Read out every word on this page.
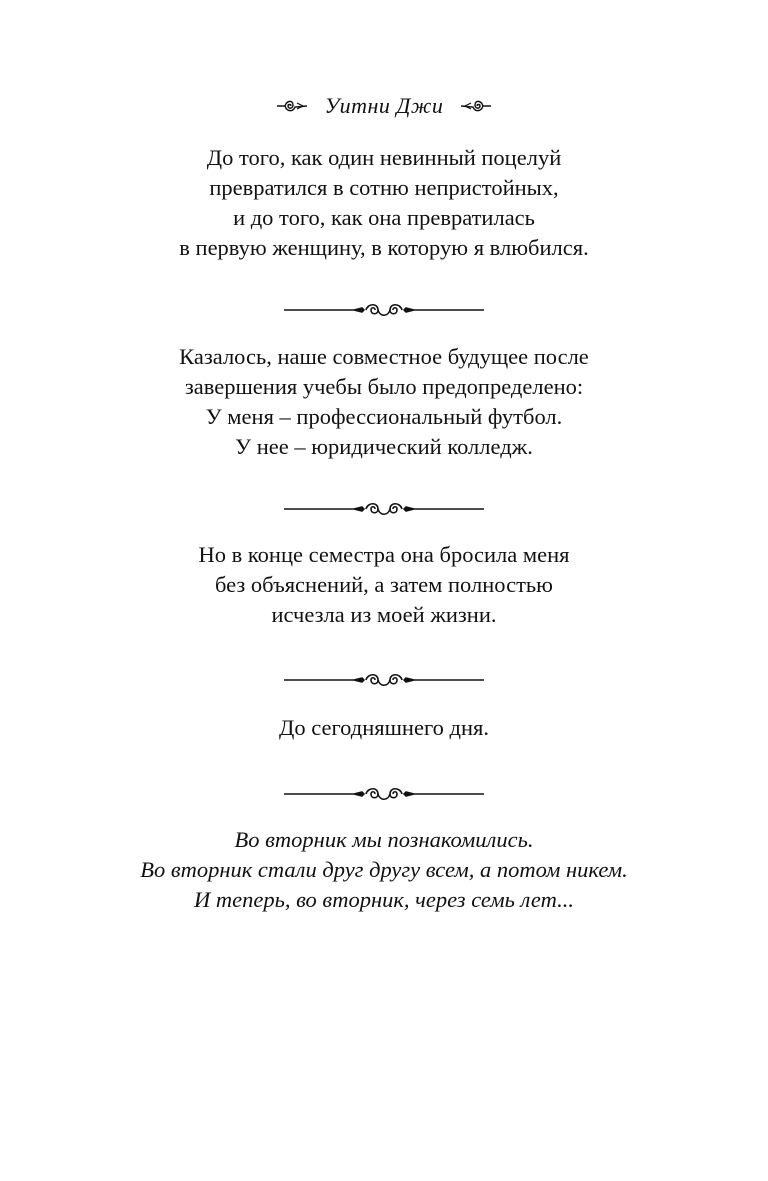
Уитни Джи
До того, как один невинный поцелуй
превратился в сотню непристойных,
и до того, как она превратилась
в первую женщину, в которую я влюбился.
Казалось, наше совместное будущее после
завершения учебы было предопределено:
У меня – профессиональный футбол.
У нее – юридический колледж.
Но в конце семестра она бросила меня
без объяснений, а затем полностью
исчезла из моей жизни.
До сегодняшнего дня.
Во вторник мы познакомились.
Во вторник стали друг другу всем, а потом никем.
И теперь, во вторник, через семь лет...
